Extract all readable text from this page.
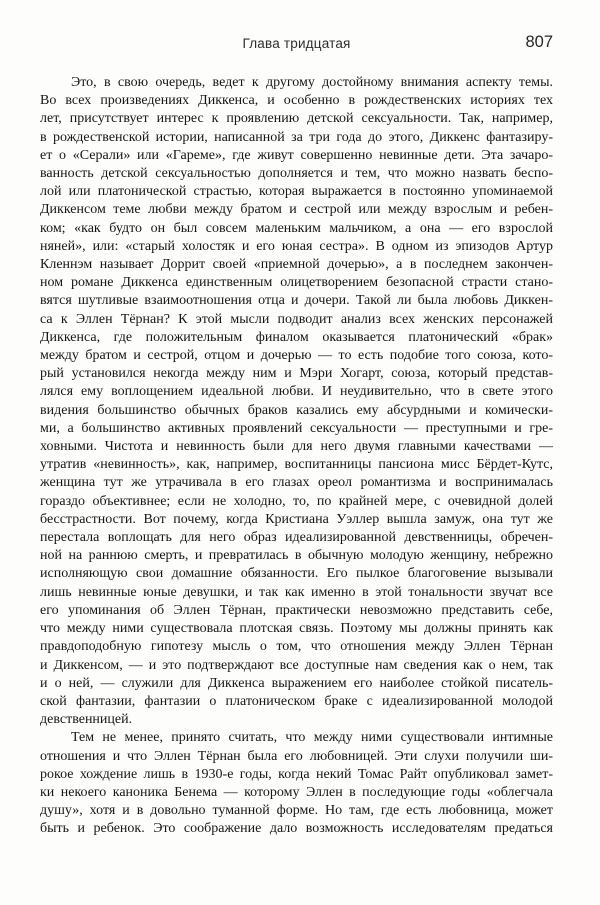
Глава тридцатая	807
Это, в свою очередь, ведет к другому достойному внимания аспекту темы.
Во всех произведениях Диккенса, и особенно в рождественских историях тех
лет, присутствует интерес к проявлению детской сексуальности. Так, например,
в рождественской истории, написанной за три года до этого, Диккенс фантазиру-
ет о «Серали» или «Гареме», где живут совершенно невинные дети. Эта зачаро-
ванность детской сексуальностью дополняется и тем, что можно назвать беспо-
лой или платонической страстью, которая выражается в постоянно упоминаемой
Диккенсом теме любви между братом и сестрой или между взрослым и ребен-
ком; «как будто он был совсем маленьким мальчиком, а она — его взрослой
няней», или: «старый холостяк и его юная сестра». В одном из эпизодов Артур
Кленнэм называет Доррит своей «приемной дочерью», а в последнем закончен-
ном романе Диккенса единственным олицетворением безопасной страсти стано-
вятся шутливые взаимоотношения отца и дочери. Такой ли была любовь Диккен-
са к Эллен Тёрнан? К этой мысли подводит анализ всех женских персонажей
Диккенса, где положительным финалом оказывается платонический «брак»
между братом и сестрой, отцом и дочерью — то есть подобие того союза, кото-
рый установился некогда между ним и Мэри Хогарт, союза, который представ-
лялся ему воплощением идеальной любви. И неудивительно, что в свете этого
видения большинство обычных браков казались ему абсурдными и комически-
ми, а большинство активных проявлений сексуальности — преступными и гре-
ховными. Чистота и невинность были для него двумя главными качествами —
утратив «невинность», как, например, воспитанницы пансиона мисс Бёрдет-Кутс,
женщина тут же утрачивала в его глазах ореол романтизма и воспринималась
гораздо объективнее; если не холодно, то, по крайней мере, с очевидной долей
бесстрастности. Вот почему, когда Кристиана Уэллер вышла замуж, она тут же
перестала воплощать для него образ идеализированной девственницы, обречен-
ной на раннюю смерть, и превратилась в обычную молодую женщину, небрежно
исполняющую свои домашние обязанности. Его пылкое благоговение вызывали
лишь невинные юные девушки, и так как именно в этой тональности звучат все
его упоминания об Эллен Тёрнан, практически невозможно представить себе,
что между ними существовала плотская связь. Поэтому мы должны принять как
правдоподобную гипотезу мысль о том, что отношения между Эллен Тёрнан
и Диккенсом, — и это подтверждают все доступные нам сведения как о нем, так
и о ней, — служили для Диккенса выражением его наиболее стойкой писатель-
ской фантазии, фантазии о платоническом браке с идеализированной молодой
девственницей.
Тем не менее, принято считать, что между ними существовали интимные
отношения и что Эллен Тёрнан была его любовницей. Эти слухи получили ши-
рокое хождение лишь в 1930-е годы, когда некий Томас Райт опубликовал замет-
ки некоего каноника Бенема — которому Эллен в последующие годы «облегчала
душу», хотя и в довольно туманной форме. Но там, где есть любовница, может
быть и ребенок. Это соображение дало возможность исследователям предаться
